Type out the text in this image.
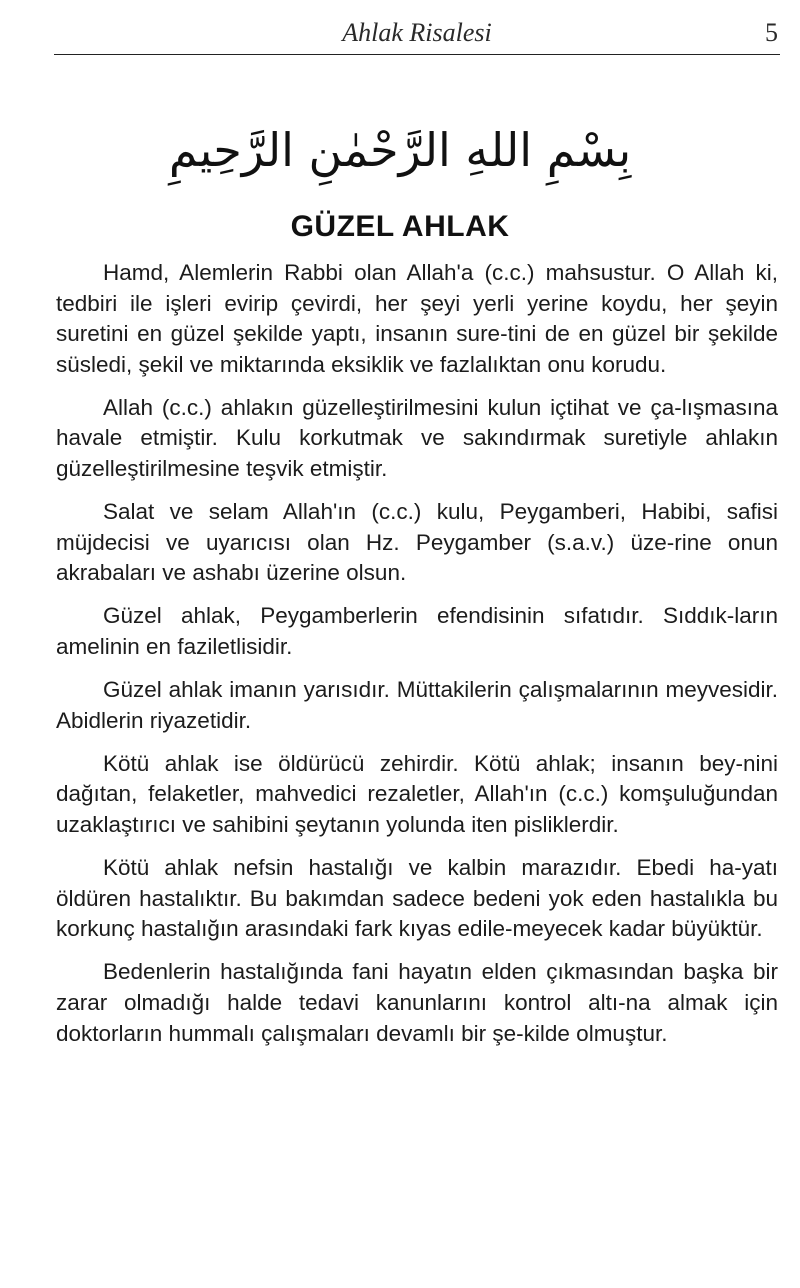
Ahlak Risalesi	5
بِسْمِ اللهِ الرَّحْمٰنِ الرَّحِيمِ
GÜZEL AHLAK

Hamd, Alemlerin Rabbi olan Allah'a (c.c.) mahsustur. O Allah ki, tedbiri ile işleri evirip çevirdi, her şeyi yerli yerine koydu, her şeyin suretini en güzel şekilde yaptı, insanın sure-tini de en güzel bir şekilde süsledi, şekil ve miktarında eksiklik ve fazlalıktan onu korudu.

Allah (c.c.) ahlakın güzelleştirilmesini kulun içtihat ve ça-lışmasına havale etmiştir. Kulu korkutmak ve sakındırmak suretiyle ahlakın güzelleştirilmesine teşvik etmiştir.

Salat ve selam Allah'ın (c.c.) kulu, Peygamberi, Habibi, safisi müjdecisi ve uyarıcısı olan Hz. Peygamber (s.a.v.) üze-rine onun akrabaları ve ashabı üzerine olsun.

Güzel ahlak, Peygamberlerin efendisinin sıfatıdır. Sıddık-ların amelinin en faziletlisidir.

Güzel ahlak imanın yarısıdır. Müttakilerin çalışmalarının meyvesidir. Abidlerin riyazetidir.

Kötü ahlak ise öldürücü zehirdir. Kötü ahlak; insanın bey-nini dağıtan, felaketler, mahvedici rezaletler, Allah'ın (c.c.) komşuluğundan uzaklaştırıcı ve sahibini şeytanın yolunda iten pisliklerdir.

Kötü ahlak nefsin hastalığı ve kalbin marazıdır. Ebedi ha-yatı öldüren hastalıktır. Bu bakımdan sadece bedeni yok eden hastalıkla bu korkunç hastalığın arasındaki fark kıyas edile-meyecek kadar büyüktür.

Bedenlerin hastalığında fani hayatın elden çıkmasından başka bir zarar olmadığı halde tedavi kanunlarını kontrol altı-na almak için doktorların hummalı çalışmaları devamlı bir şe-kilde olmuştur.
